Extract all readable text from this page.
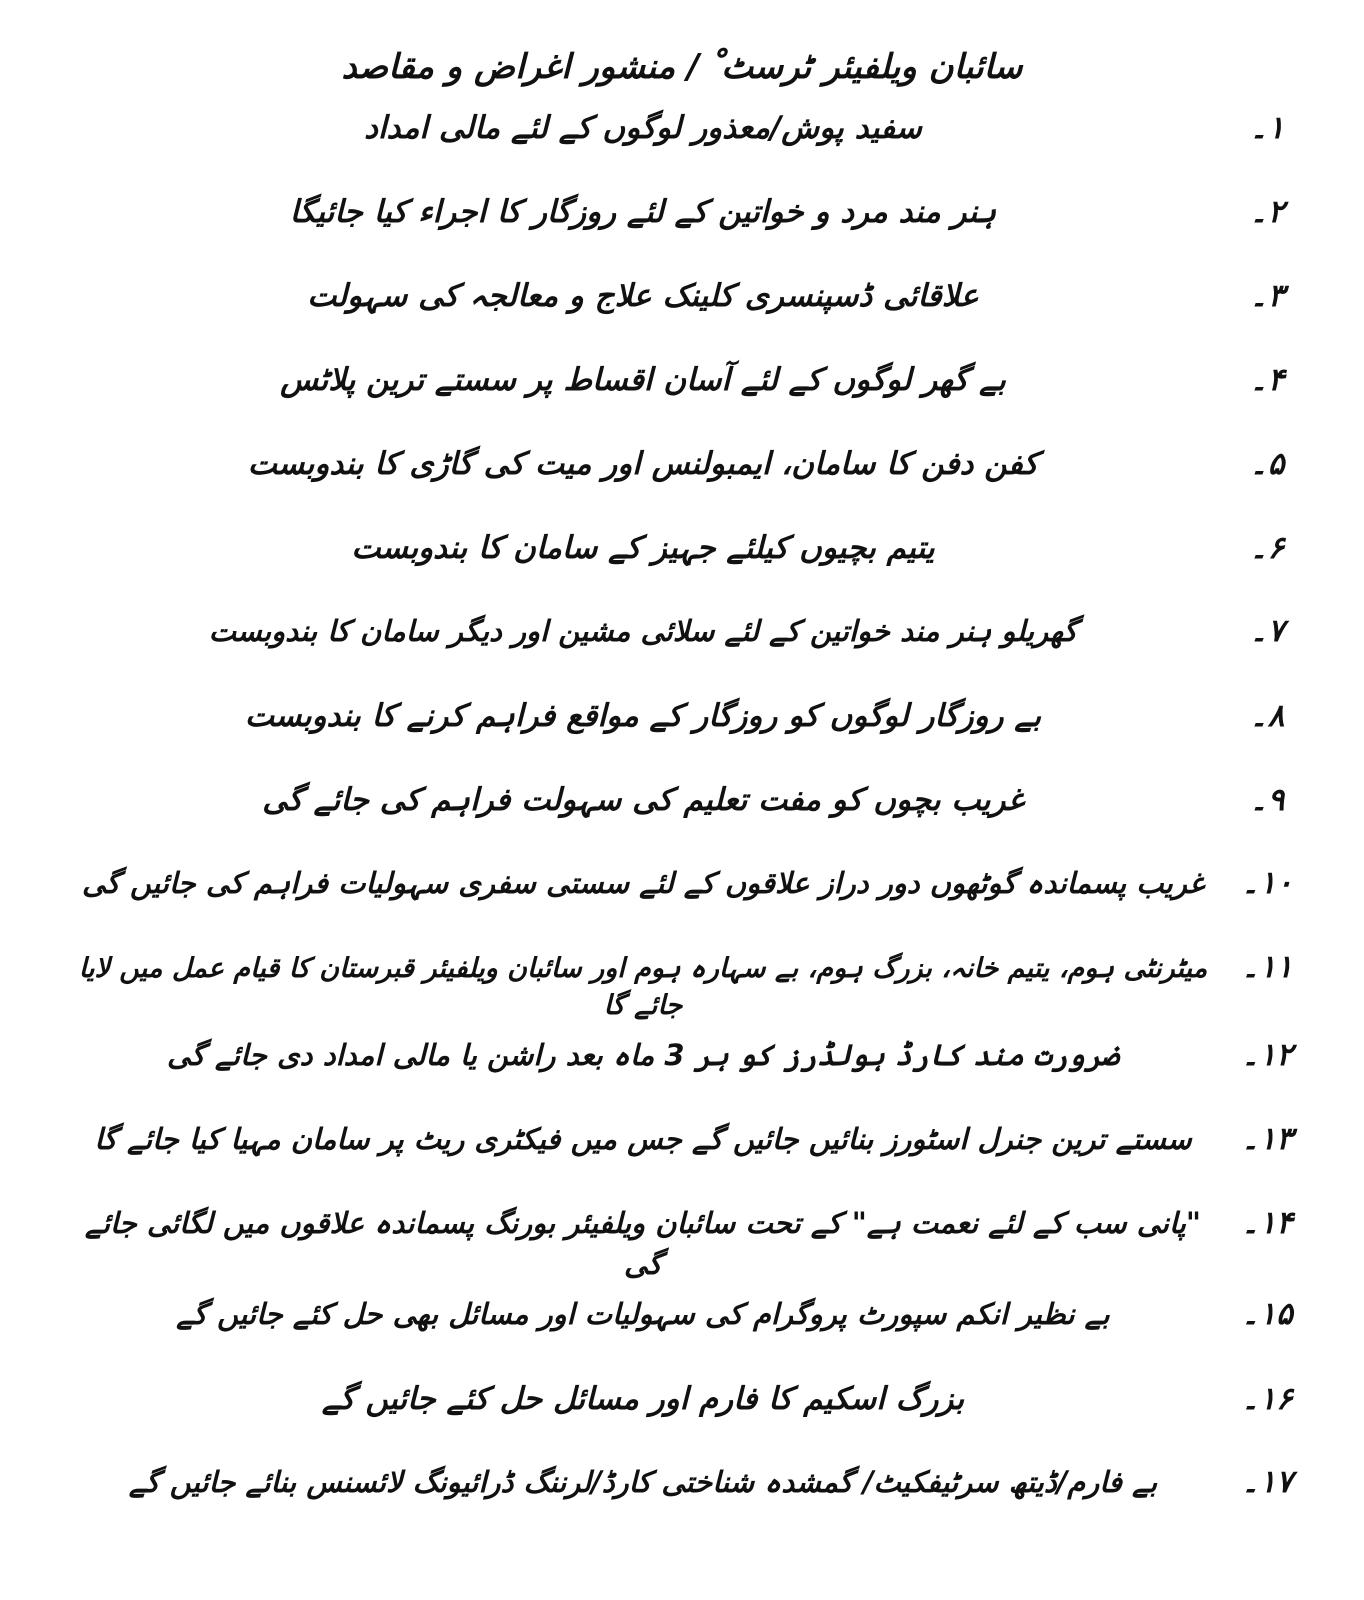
سائبان ویلفیئر ٹرسٹ ْ / منشور اغراض و مقاصد
۱۔
سفید پوش/معذور لوگوں کے لئے مالی امداد
۲۔
ہنر مند مرد و خواتین کے لئے روزگار کا اجراء کیا جائیگا
۳۔
علاقائی ڈسپنسری کلینک علاج و معالجہ کی سہولت
۴۔
بے گھر لوگوں کے لئے آسان اقساط پر سستے ترین پلاٹس
۵۔
کفن دفن کا سامان، ایمبولنس اور میت کی گاڑی کا بندوبست
۶۔
یتیم بچیوں کیلئے جہیز کے سامان کا بندوبست
۷۔
گھریلو ہنر مند خواتین کے لئے سلائی مشین اور دیگر سامان کا بندوبست
۸۔
بے روزگار لوگوں کو روزگار کے مواقع فراہم کرنے کا بندوبست
۹۔
غریب بچوں کو مفت تعلیم کی سہولت فراہم کی جائے گی
۱۰۔
غریب پسماندہ گوٹھوں دور دراز علاقوں کے لئے سستی سفری سہولیات فراہم کی جائیں گی
۱۱۔
میٹرنٹی ہوم، یتیم خانہ، بزرگ ہوم، بے سہارہ ہوم اور سائبان ویلفیئر قبرستان کا قیام عمل میں لایا جائے گا
۱۲۔
ضرورت مند کارڈ ہولڈرز کو ہر 3 ماہ بعد راشن یا مالی امداد دی جائے گی
۱۳۔
سستے ترین جنرل اسٹورز بنائیں جائیں گے جس میں فیکٹری ریٹ پر سامان مہیا کیا جائے گا
۱۴۔
"پانی سب کے لئے نعمت ہے" کے تحت سائبان ویلفیئر بورنگ پسماندہ علاقوں میں لگائی جائے گی
۱۵۔
بے نظیر انکم سپورٹ پروگرام کی سہولیات اور مسائل بھی حل کئے جائیں گے
۱۶۔
بزرگ اسکیم کا فارم اور مسائل حل کئے جائیں گے
۱۷۔
بے فارم/ڈیتھ سرٹیفکیٹ/ گمشدہ شناختی کارڈ/لرننگ ڈرائیونگ لائسنس بنائے جائیں گے
